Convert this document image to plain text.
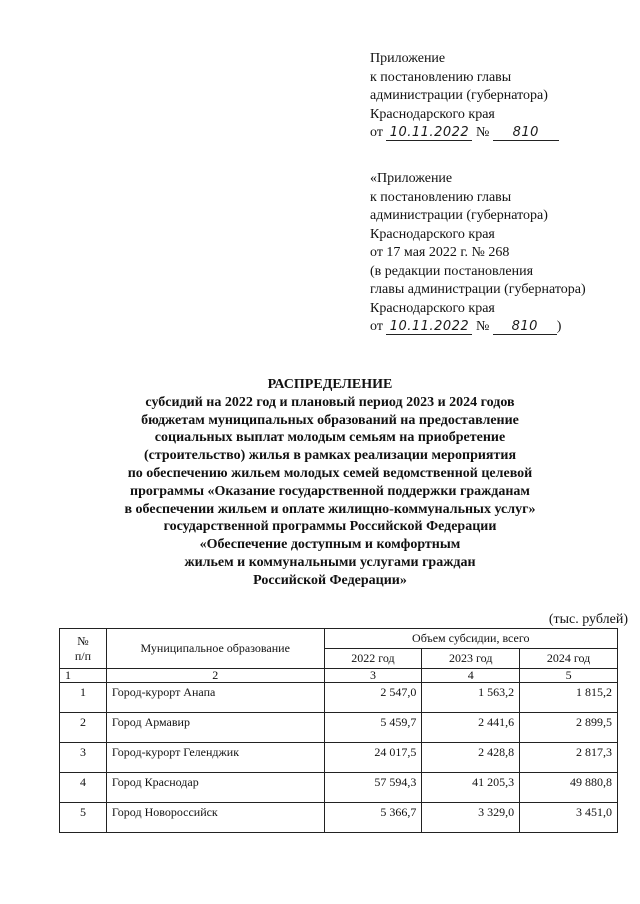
Приложение
к постановлению главы
администрации (губернатора)
Краснодарского края
от 10.11.2022 № 810
«Приложение
к постановлению главы
администрации (губернатора)
Краснодарского края
от 17 мая 2022 г. № 268
(в редакции постановления
главы администрации (губернатора)
Краснодарского края
от 10.11.2022 № 810 )
РАСПРЕДЕЛЕНИЕ
субсидий на 2022 год и плановый период 2023 и 2024 годов
бюджетам муниципальных образований на предоставление
социальных выплат молодым семьям на приобретение
(строительство) жилья в рамках реализации мероприятия
по обеспечению жильем молодых семей ведомственной целевой
программы «Оказание государственной поддержки гражданам
в обеспечении жильем и оплате жилищно-коммунальных услуг»
государственной программы Российской Федерации
«Обеспечение доступным и комфортным
жильем и коммунальными услугами граждан
Российской Федерации»
(тыс. рублей)
№
п/п	Муниципальное образование	Объем субсидии, всего		
		2022 год	2023 год	2024 год
1	2	3	4	5
1	Город-курорт Анапа	2 547,0	1 563,2	1 815,2
2	Город Армавир	5 459,7	2 441,6	2 899,5
3	Город-курорт Геленджик	24 017,5	2 428,8	2 817,3
4	Город Краснодар	57 594,3	41 205,3	49 880,8
5	Город Новороссийск	5 366,7	3 329,0	3 451,0
